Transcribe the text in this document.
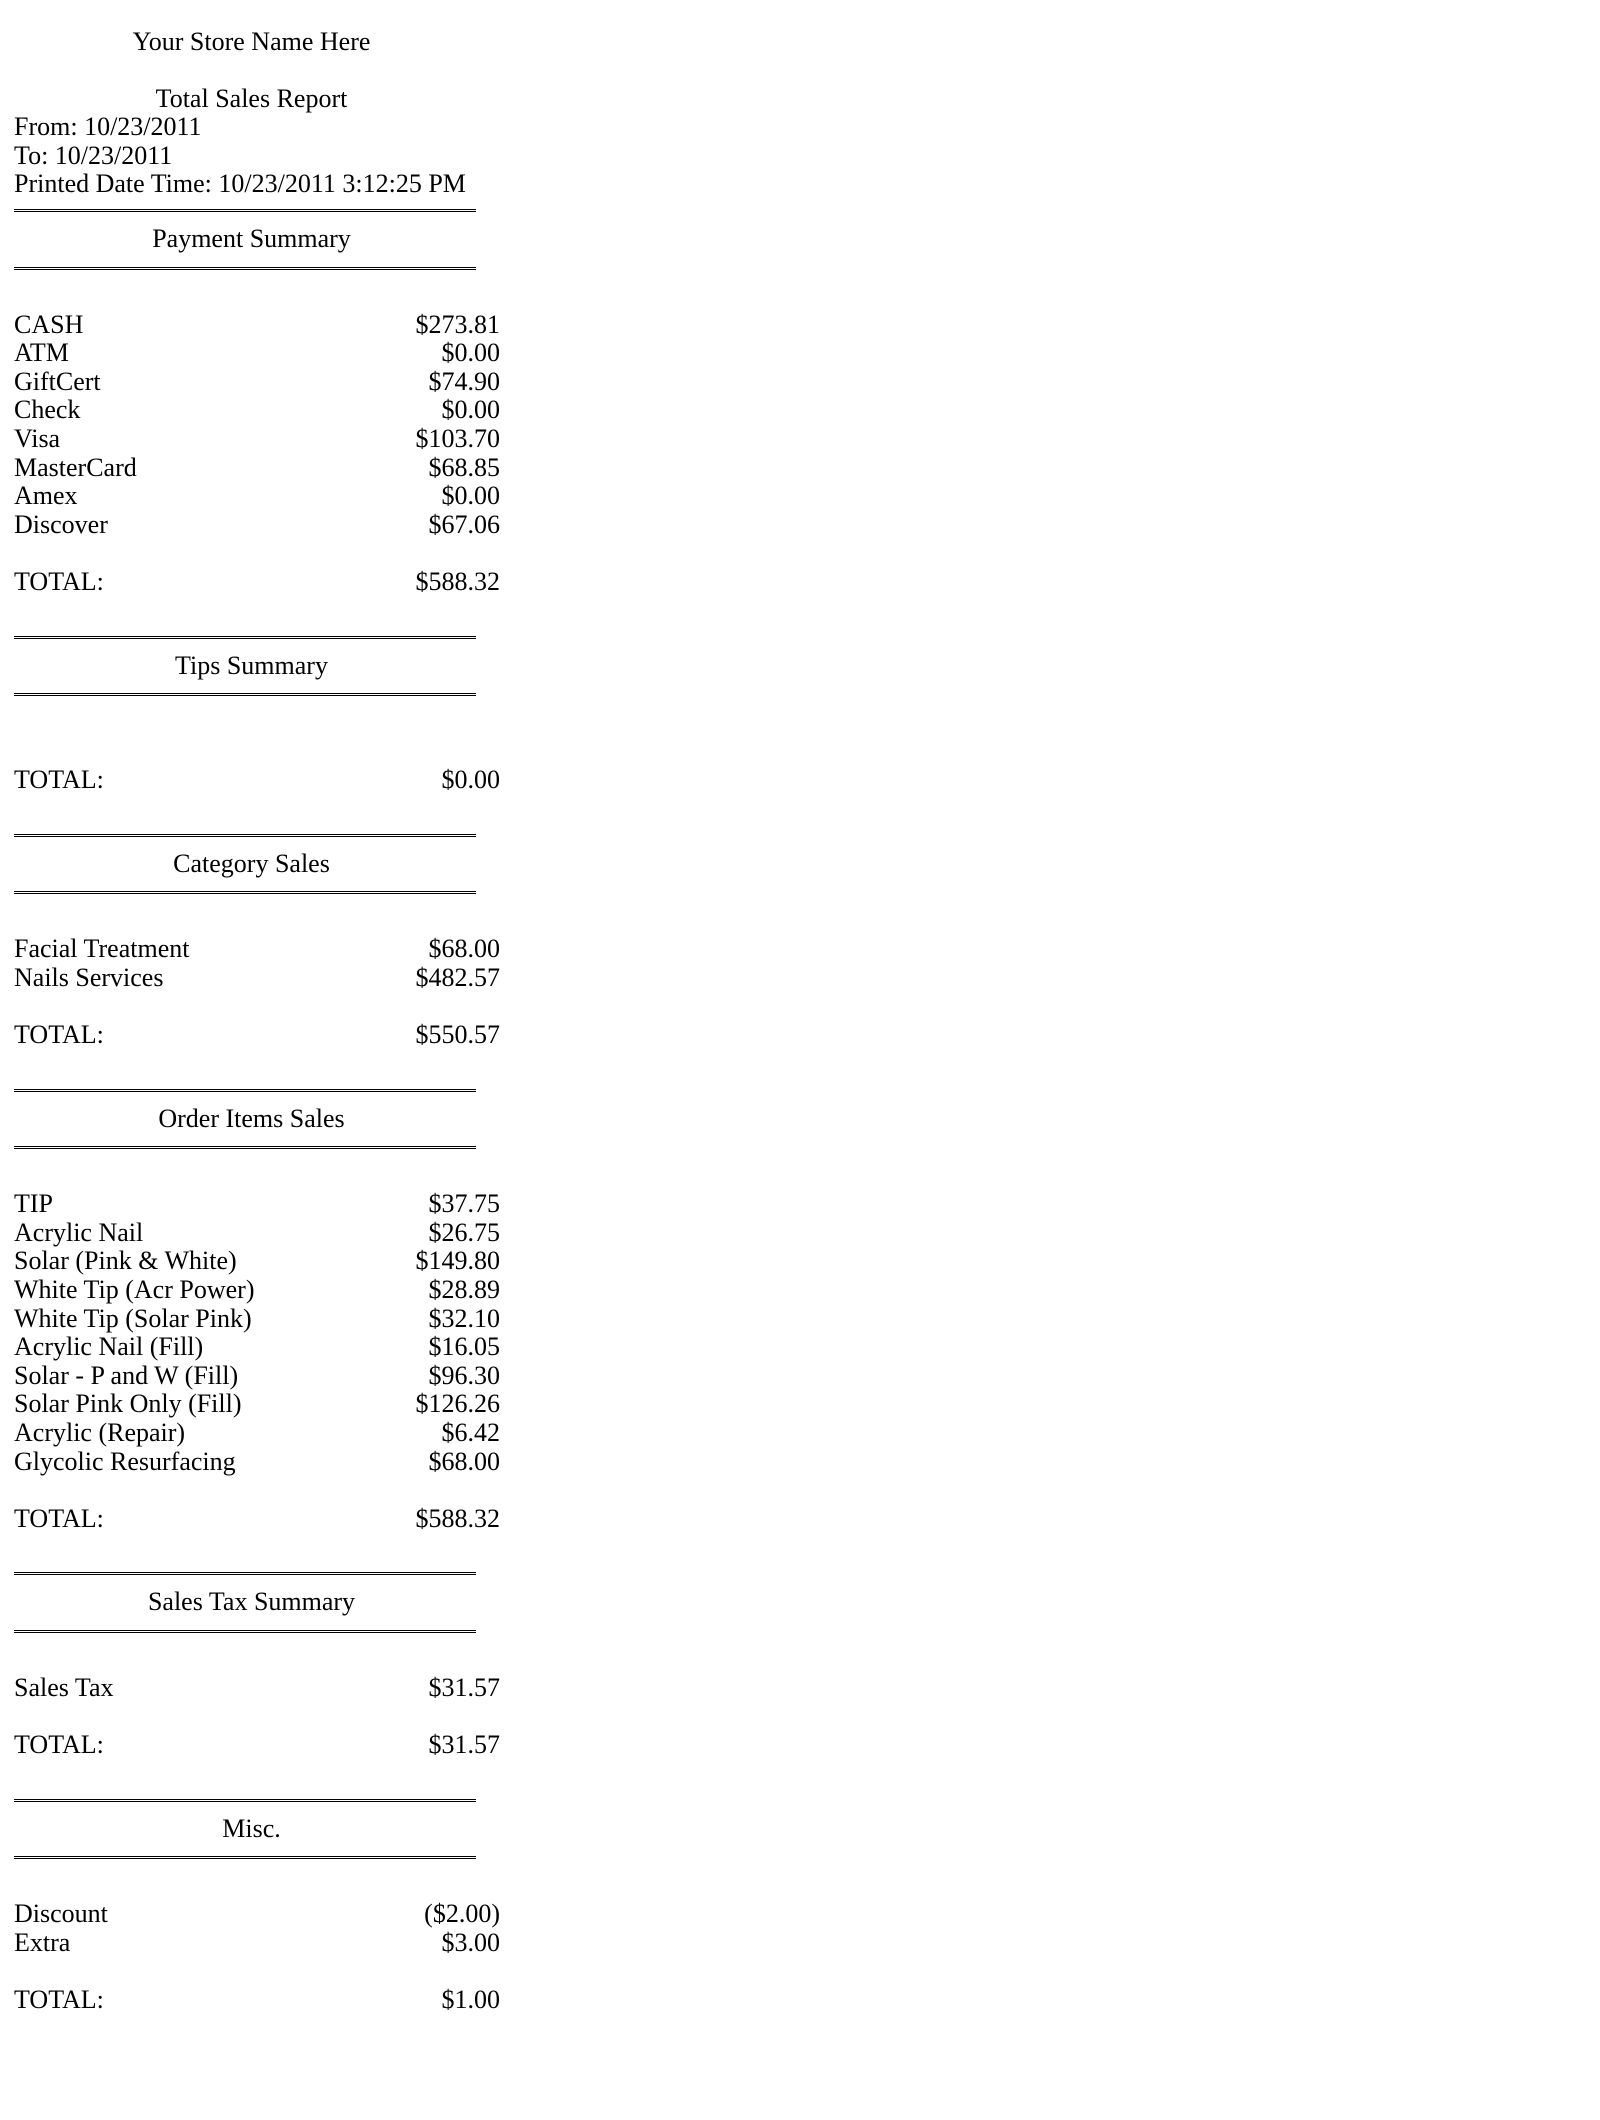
Your Store Name Here
Total Sales Report
From: 10/23/2011
To: 10/23/2011
Printed Date Time: 10/23/2011 3:12:25 PM
Payment Summary
CASH	$273.81
ATM	$0.00
GiftCert	$74.90
Check	$0.00
Visa	$103.70
MasterCard	$68.85
Amex	$0.00
Discover	$67.06
TOTAL:	$588.32
Tips Summary
TOTAL:	$0.00
Category Sales
Facial Treatment	$68.00
Nails Services	$482.57
TOTAL:	$550.57
Order Items Sales
TIP	$37.75
Acrylic Nail	$26.75
Solar (Pink & White)	$149.80
White Tip (Acr Power)	$28.89
White Tip (Solar Pink)	$32.10
Acrylic Nail (Fill)	$16.05
Solar - P and W (Fill)	$96.30
Solar Pink Only (Fill)	$126.26
Acrylic (Repair)	$6.42
Glycolic Resurfacing	$68.00
TOTAL:	$588.32
Sales Tax Summary
Sales Tax	$31.57
TOTAL:	$31.57
Misc.
Discount	($2.00)
Extra	$3.00
TOTAL:	$1.00
